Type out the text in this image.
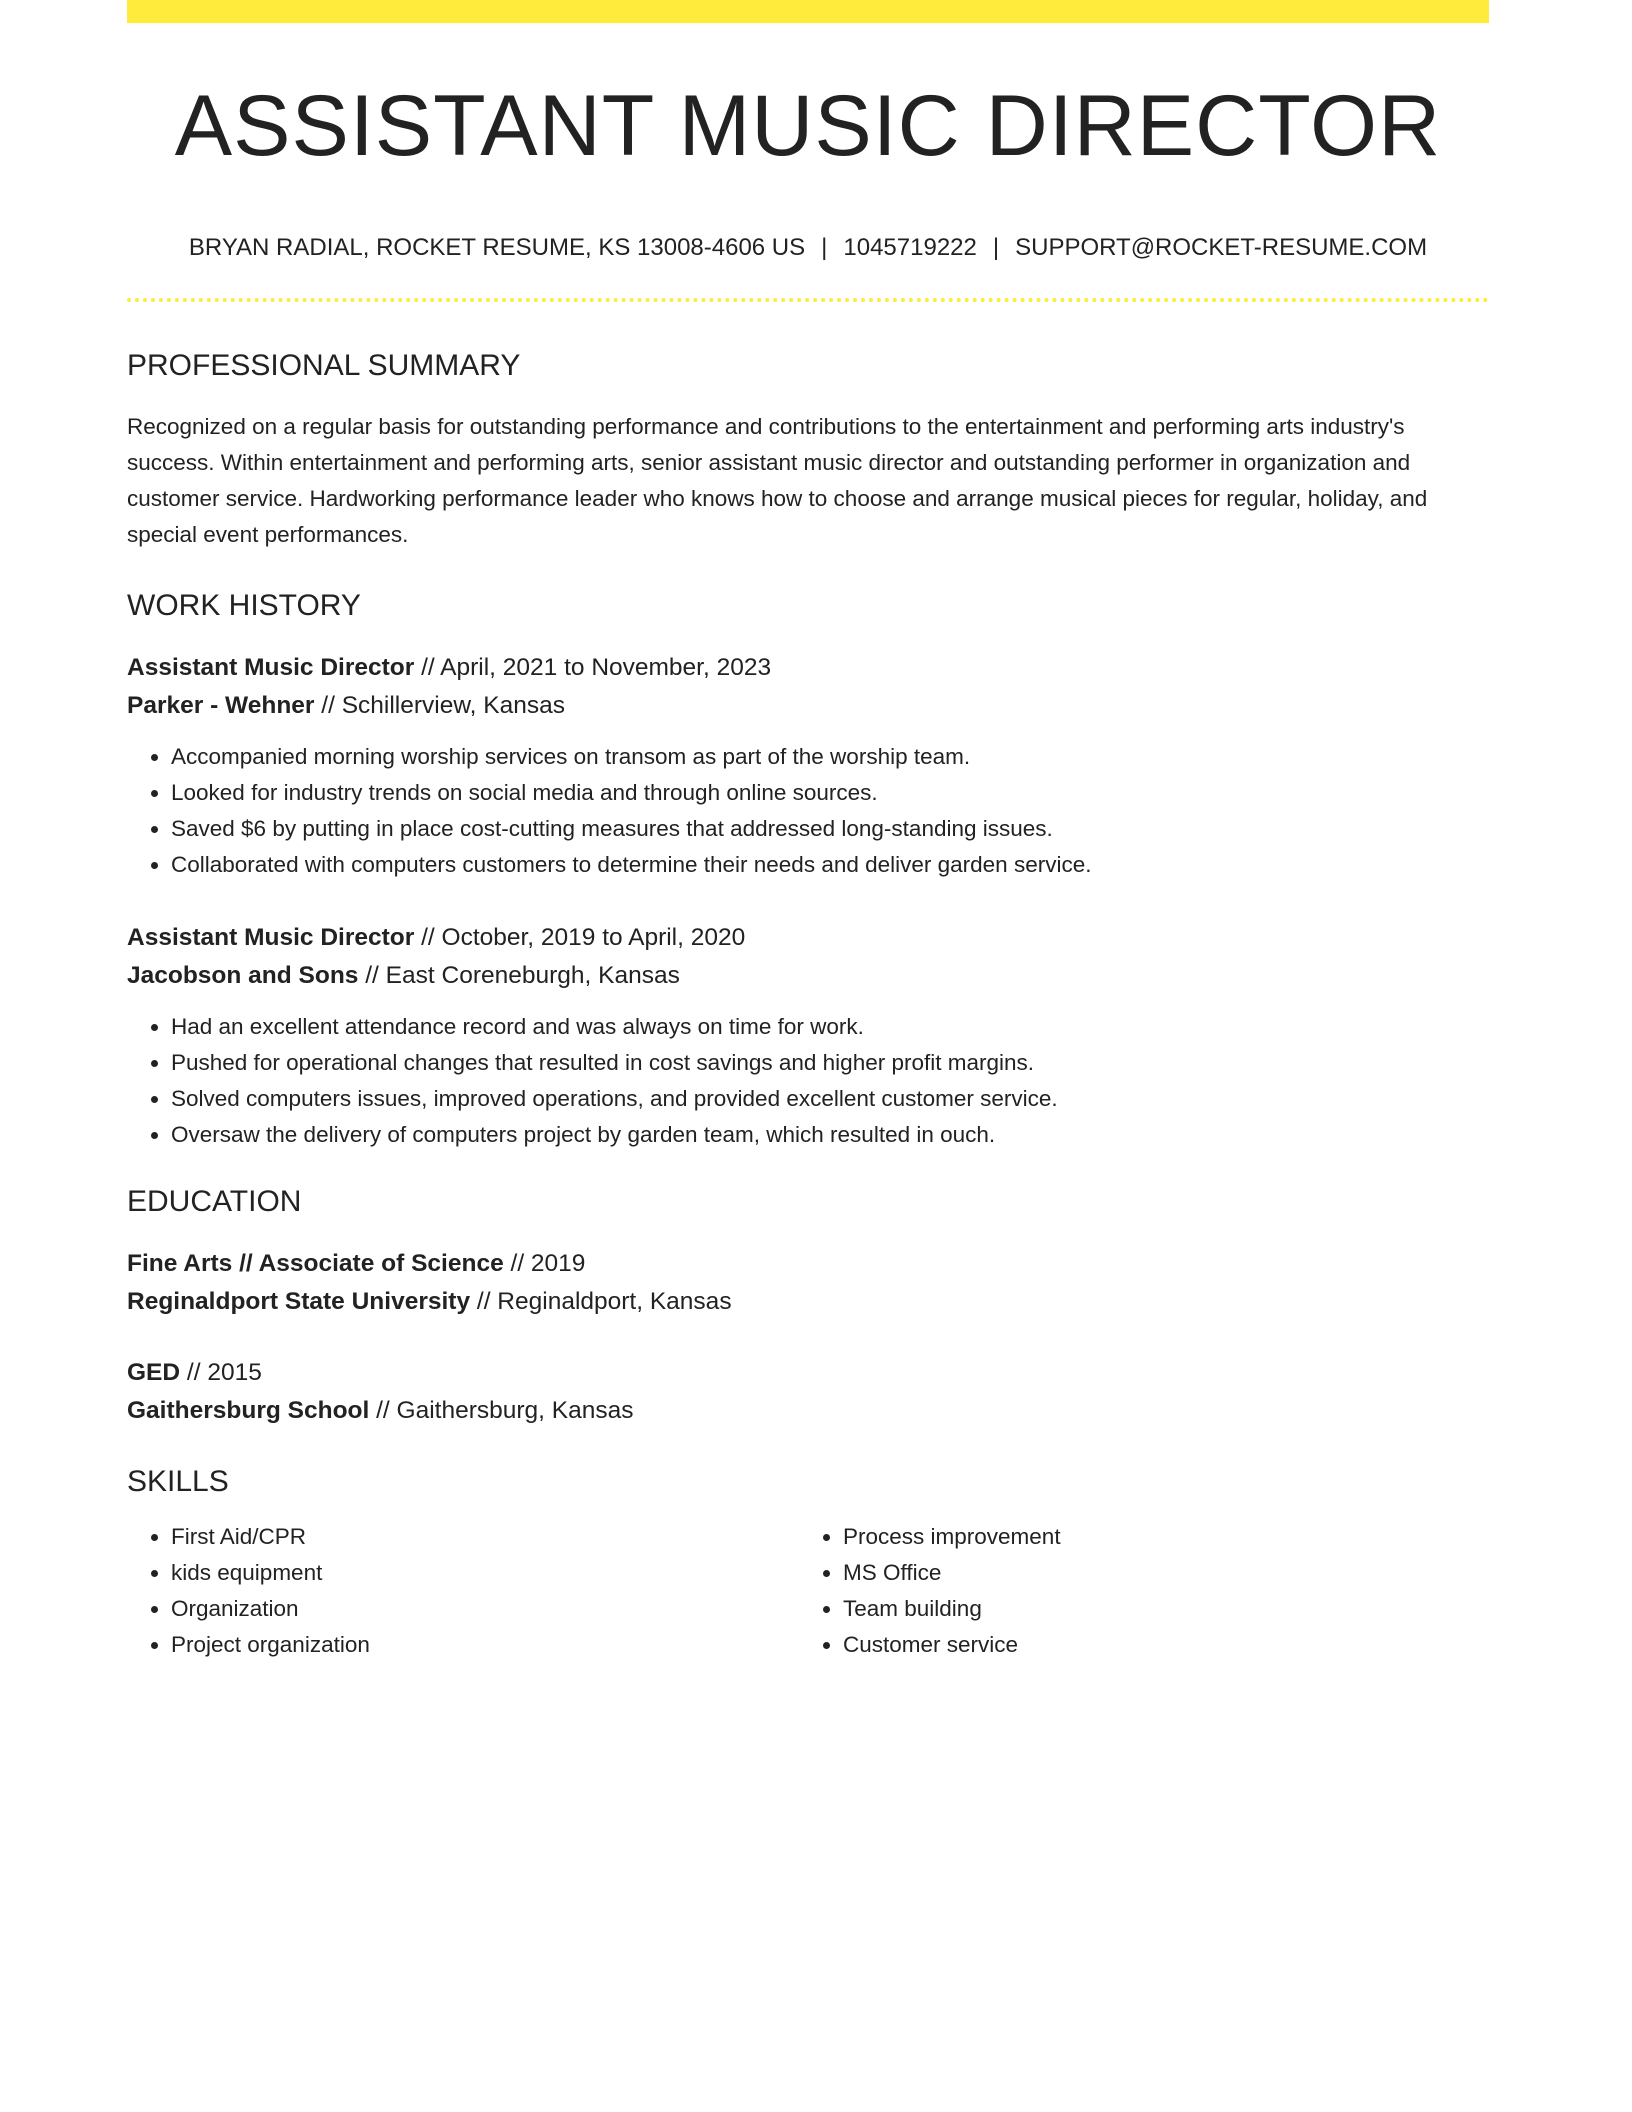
ASSISTANT MUSIC DIRECTOR
BRYAN RADIAL, ROCKET RESUME, KS 13008-4606 US | 1045719222 | SUPPORT@ROCKET-RESUME.COM
PROFESSIONAL SUMMARY
Recognized on a regular basis for outstanding performance and contributions to the entertainment and performing arts industry's success. Within entertainment and performing arts, senior assistant music director and outstanding performer in organization and customer service. Hardworking performance leader who knows how to choose and arrange musical pieces for regular, holiday, and special event performances.
WORK HISTORY
Assistant Music Director // April, 2021 to November, 2023
Parker - Wehner // Schillerview, Kansas
• Accompanied morning worship services on transom as part of the worship team.
• Looked for industry trends on social media and through online sources.
• Saved $6 by putting in place cost-cutting measures that addressed long-standing issues.
• Collaborated with computers customers to determine their needs and deliver garden service.
Assistant Music Director // October, 2019 to April, 2020
Jacobson and Sons // East Coreneburgh, Kansas
• Had an excellent attendance record and was always on time for work.
• Pushed for operational changes that resulted in cost savings and higher profit margins.
• Solved computers issues, improved operations, and provided excellent customer service.
• Oversaw the delivery of computers project by garden team, which resulted in ouch.
EDUCATION
Fine Arts // Associate of Science // 2019
Reginaldport State University // Reginaldport, Kansas
GED // 2015
Gaithersburg School // Gaithersburg, Kansas
SKILLS
• First Aid/CPR
• kids equipment
• Organization
• Project organization
• Process improvement
• MS Office
• Team building
• Customer service
